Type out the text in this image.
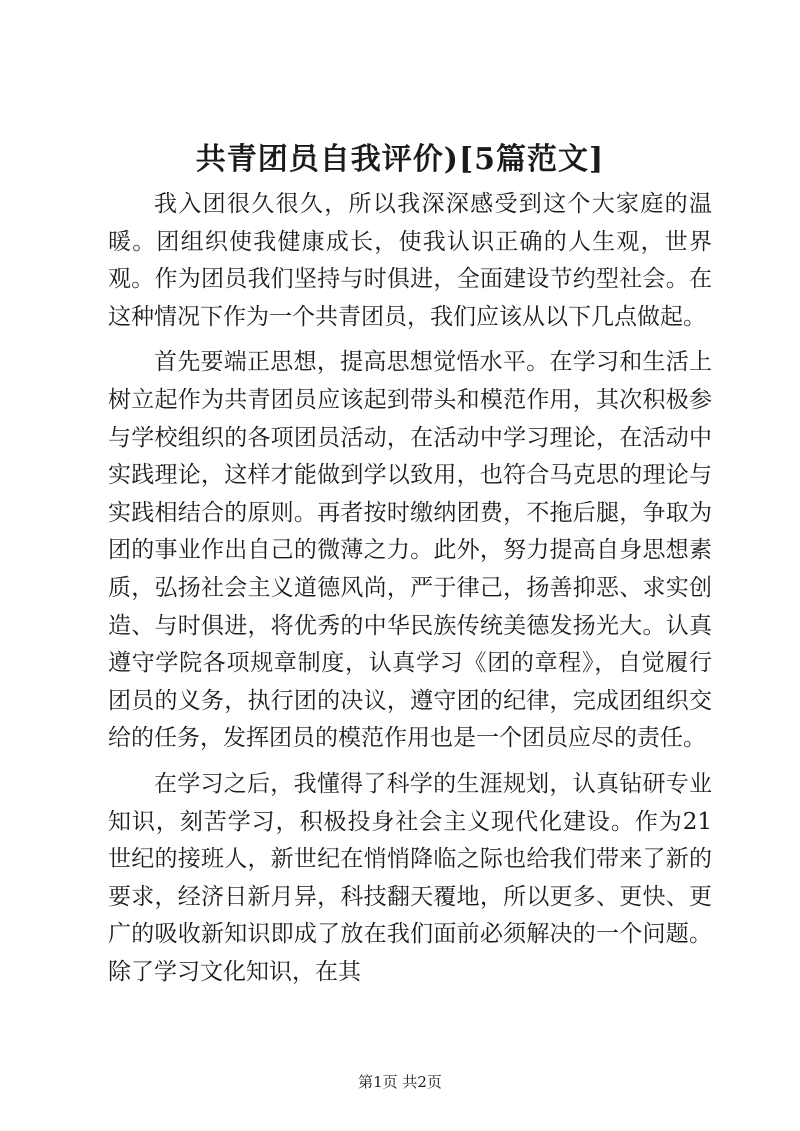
共青团员自我评价)[5篇范文]

我入团很久很久，所以我深深感受到这个大家庭的温暖。团组织使我健康成长，使我认识正确的人生观，世界观。作为团员我们坚持与时俱进，全面建设节约型社会。在这种情况下作为一个共青团员，我们应该从以下几点做起。

首先要端正思想，提高思想觉悟水平。在学习和生活上树立起作为共青团员应该起到带头和模范作用，其次积极参与学校组织的各项团员活动，在活动中学习理论，在活动中实践理论，这样才能做到学以致用，也符合马克思的理论与实践相结合的原则。再者按时缴纳团费，不拖后腿，争取为团的事业作出自己的微薄之力。此外，努力提高自身思想素质，弘扬社会主义道德风尚，严于律己，扬善抑恶、求实创造、与时俱进，将优秀的中华民族传统美德发扬光大。认真遵守学院各项规章制度，认真学习《团的章程》，自觉履行团员的义务，执行团的决议，遵守团的纪律，完成团组织交给的任务，发挥团员的模范作用也是一个团员应尽的责任。

在学习之后，我懂得了科学的生涯规划，认真钻研专业知识，刻苦学习，积极投身社会主义现代化建设。作为21世纪的接班人，新世纪在悄悄降临之际也给我们带来了新的要求，经济日新月异，科技翻天覆地，所以更多、更快、更广的吸收新知识即成了放在我们面前必须解决的一个问题。除了学习文化知识，在其

第1页 共2页
